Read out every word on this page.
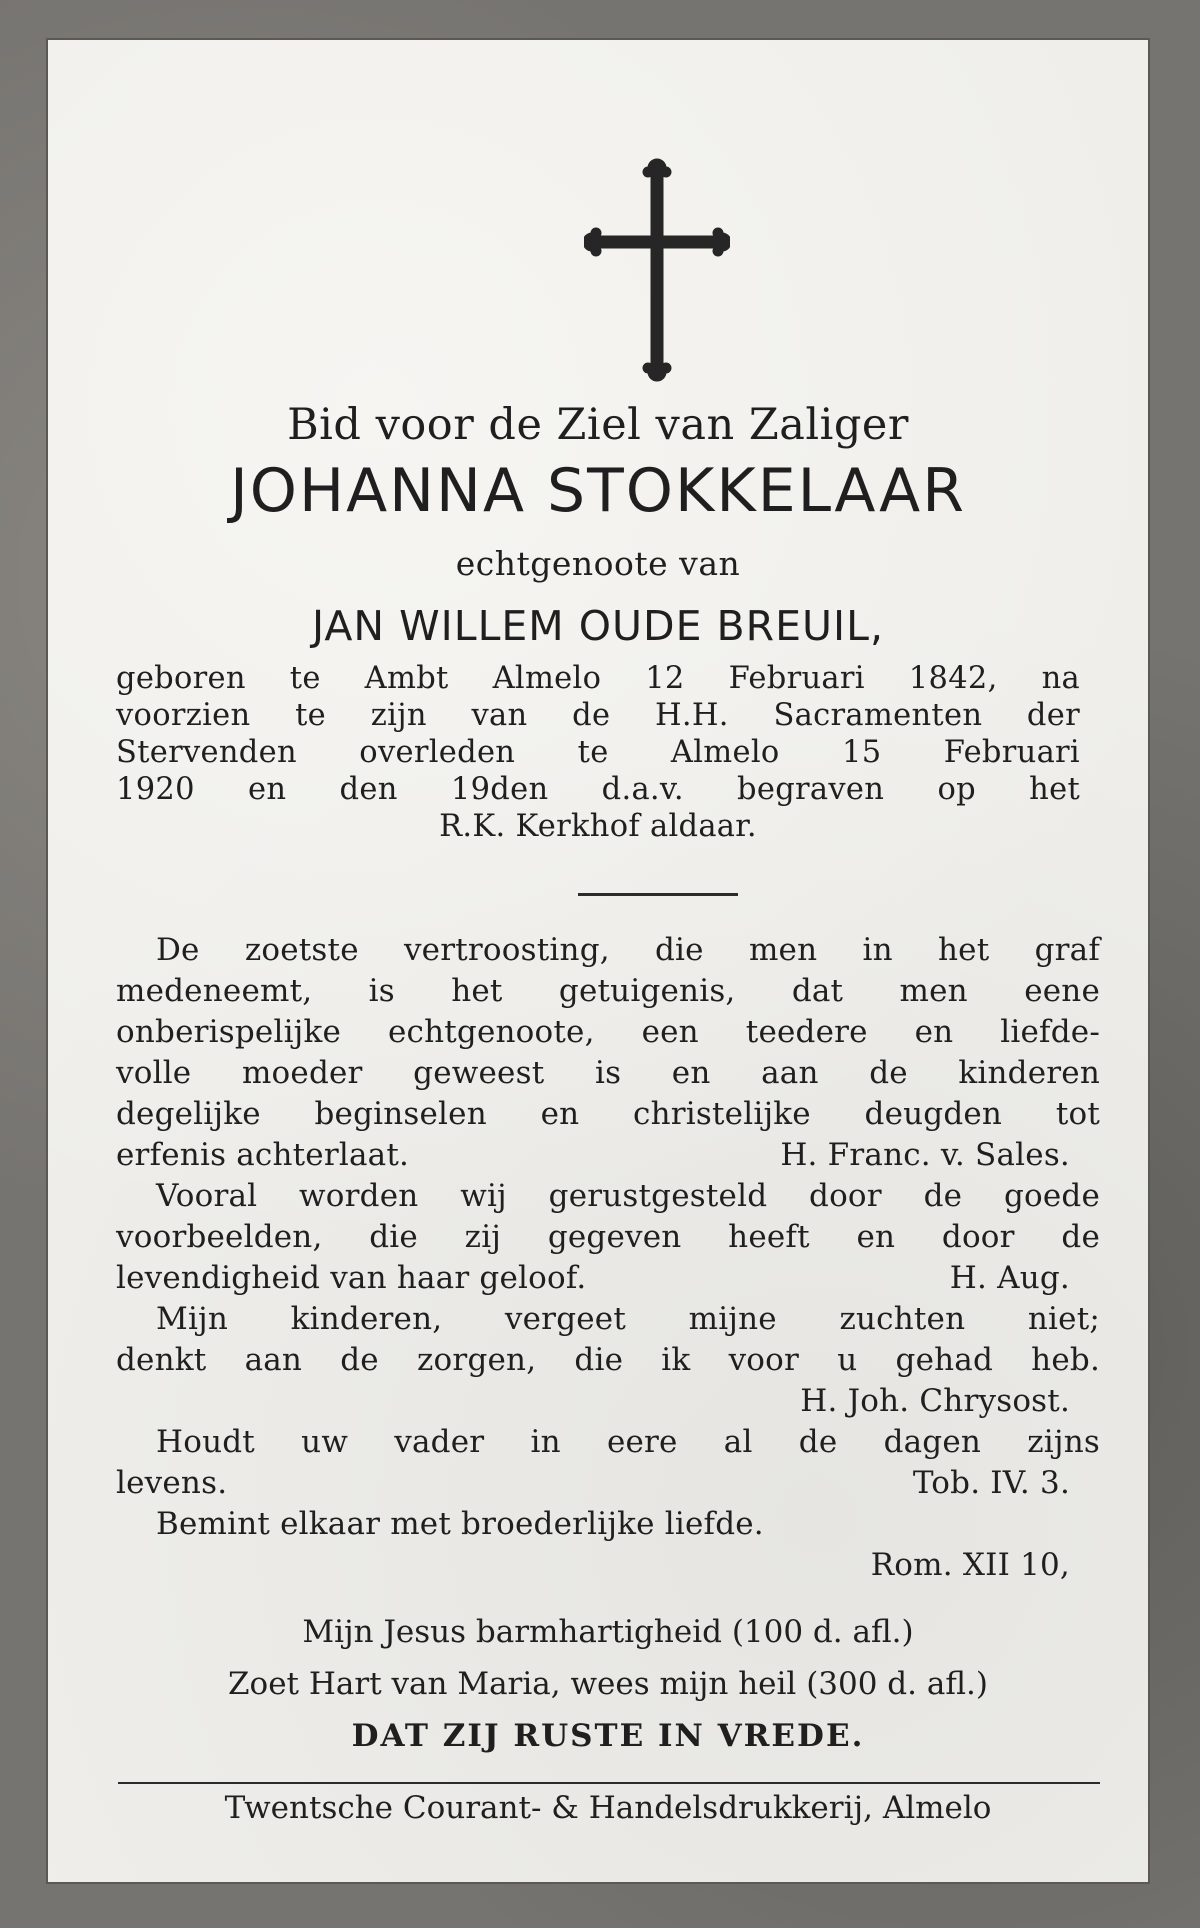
Bid voor de Ziel van Zaliger
JOHANNA STOKKELAAR
echtgenoote van
JAN WILLEM OUDE BREUIL,
geboren te Ambt Almelo 12 Februari 1842, na
voorzien te zijn van de H.H. Sacramenten der
Stervenden overleden te Almelo 15 Februari
1920 en den 19den d.a.v. begraven op het
R.K. Kerkhof aldaar.
De zoetste vertroosting, die men in het graf
medeneemt, is het getuigenis, dat men eene
onberispelijke echtgenoote, een teedere en liefde-
volle moeder geweest is en aan de kinderen
degelijke beginselen en christelijke deugden tot
erfenis achterlaat.	H. Franc. v. Sales.
Vooral worden wij gerustgesteld door de goede
voorbeelden, die zij gegeven heeft en door de
levendigheid van haar geloof.	H. Aug.
Mijn kinderen, vergeet mijne zuchten niet;
denkt aan de zorgen, die ik voor u gehad heb.
H. Joh. Chrysost.
Houdt uw vader in eere al de dagen zijns
levens.	Tob. IV. 3.
Bemint elkaar met broederlijke liefde.
Rom. XII 10,
Mijn Jesus barmhartigheid (100 d. afl.)
Zoet Hart van Maria, wees mijn heil (300 d. afl.)
DAT ZIJ RUSTE IN VREDE.
Twentsche Courant- & Handelsdrukkerij, Almelo
